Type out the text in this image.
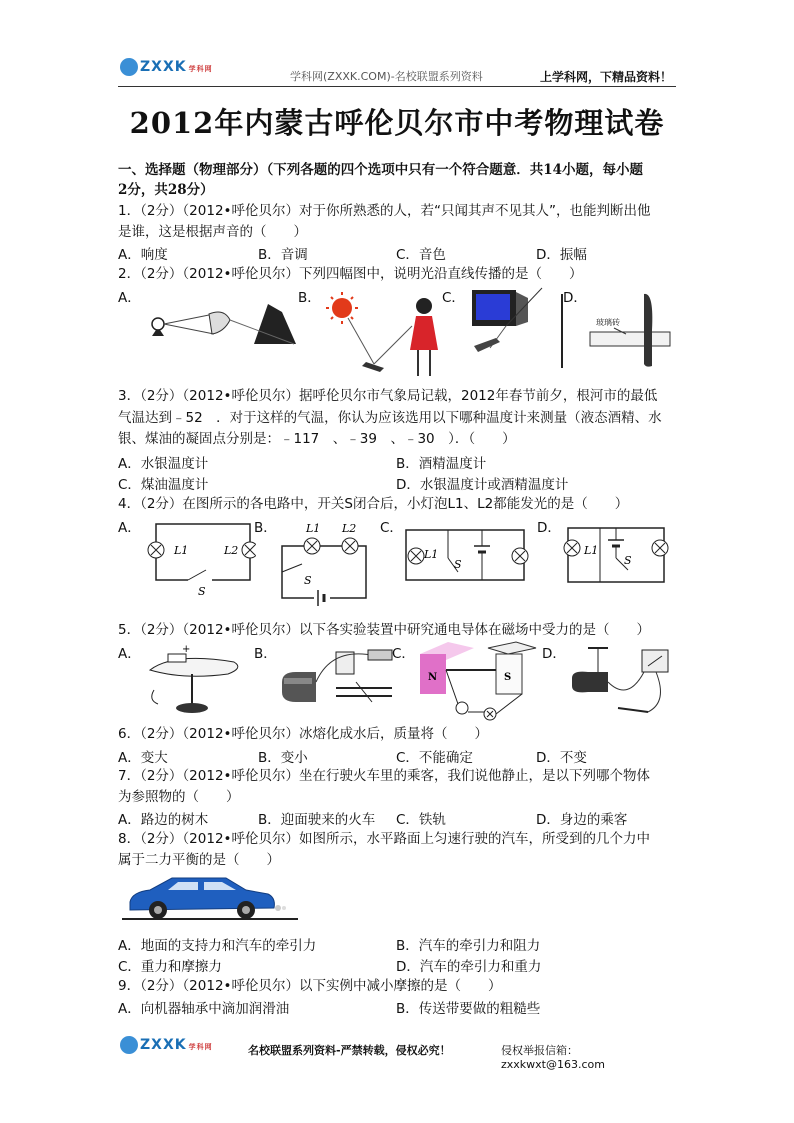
ZXXK 学科网
学科网(ZXXK.COM)-名校联盟系列资料	上学科网，下精品资料！
2012年内蒙古呼伦贝尔市中考物理试卷
一、选择题（物理部分）（下列各题的四个选项中只有一个符合题意．共14小题，每小题
2分，共28分）
1．（2分）（2012•呼伦贝尔）对于你所熟悉的人，若“只闻其声不见其人”，也能判断出他
是谁，这是根据声音的（　　）
A．响度	B．音调	C．音色	D．振幅
2．（2分）（2012•呼伦贝尔）下列四幅图中，说明光沿直线传播的是（　　）
A．	B．	C．	D．
玻璃砖
3．（2分）（2012•呼伦贝尔）据呼伦贝尔市气象局记载，2012年春节前夕，根河市的最低
气温达到﹣52　．对于这样的气温，你认为应该选用以下哪种温度计来测量（液态酒精、水
银、煤油的凝固点分别是：﹣117　、﹣39　、﹣30　）．（　　）
A．水银温度计	B．酒精温度计
C．煤油温度计	D．水银温度计或酒精温度计
4．（2分）在图所示的各电路中，开关S闭合后，小灯泡L1、L2都能发光的是（　　）
A．	B．	C．	D．
L1	L2
S
L1 L2
S
L1
S
L1
S
5．（2分）（2012•呼伦贝尔）以下各实验装置中研究通电导体在磁场中受力的是（　　）
A．	B．	C．	D．
+
N	S
6．（2分）（2012•呼伦贝尔）冰熔化成水后，质量将（　　）
A．变大	B．变小	C．不能确定	D．不变
7．（2分）（2012•呼伦贝尔）坐在行驶火车里的乘客，我们说他静止，是以下列哪个物体
为参照物的（　　）
A．路边的树木	B．迎面驶来的火车 C．铁轨	D．身边的乘客
8．（2分）（2012•呼伦贝尔）如图所示，水平路面上匀速行驶的汽车，所受到的几个力中
属于二力平衡的是（　　）
A．地面的支持力和汽车的牵引力	B．汽车的牵引力和阻力
C．重力和摩擦力	D．汽车的牵引力和重力
9．（2分）（2012•呼伦贝尔）以下实例中减小摩擦的是（　　）
A．向机器轴承中滴加润滑油	B．传送带要做的粗糙些
ZXXK 学科网	名校联盟系列资料-严禁转载，侵权必究！	侵权举报信箱：zxxkwxt@163.com
